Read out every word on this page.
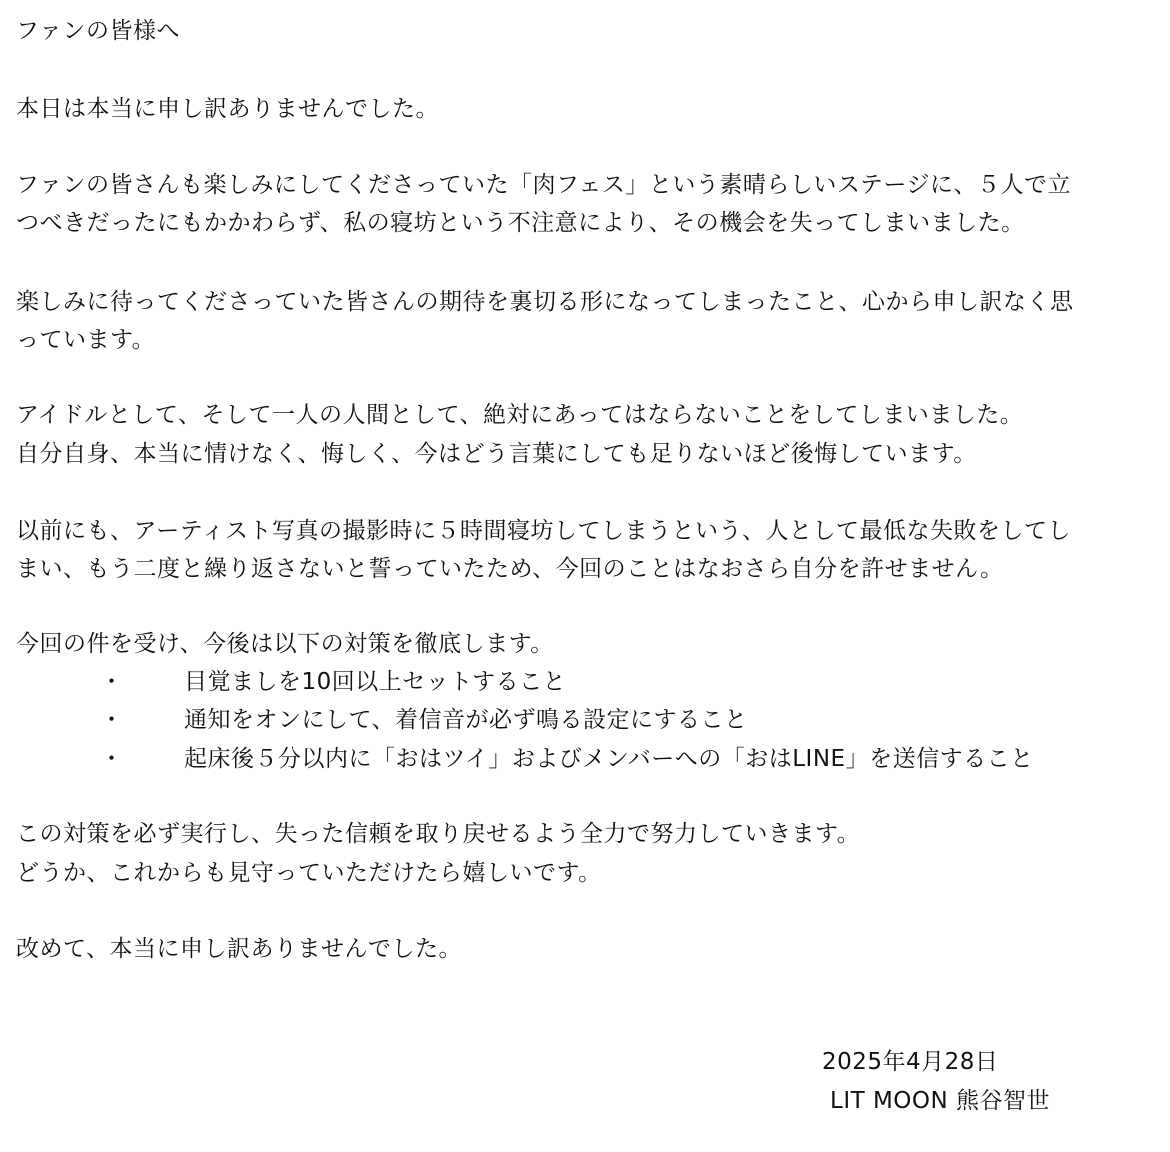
ファンの皆様へ
本日は本当に申し訳ありませんでした。
ファンの皆さんも楽しみにしてくださっていた「肉フェス」という素晴らしいステージに、５人で立
つべきだったにもかかわらず、私の寝坊という不注意により、その機会を失ってしまいました。
楽しみに待ってくださっていた皆さんの期待を裏切る形になってしまったこと、心から申し訳なく思
っています。
アイドルとして、そして一人の人間として、絶対にあってはならないことをしてしまいました。
自分自身、本当に情けなく、悔しく、今はどう言葉にしても足りないほど後悔しています。
以前にも、アーティスト写真の撮影時に５時間寝坊してしまうという、人として最低な失敗をしてし
まい、もう二度と繰り返さないと誓っていたため、今回のことはなおさら自分を許せません。
今回の件を受け、今後は以下の対策を徹底します。
・	目覚ましを10回以上セットすること
・	通知をオンにして、着信音が必ず鳴る設定にすること
・	起床後５分以内に「おはツイ」およびメンバーへの「おはLINE」を送信すること
この対策を必ず実行し、失った信頼を取り戻せるよう全力で努力していきます。
どうか、これからも見守っていただけたら嬉しいです。
改めて、本当に申し訳ありませんでした。
2025年4月28日
LIT MOON 熊谷智世
